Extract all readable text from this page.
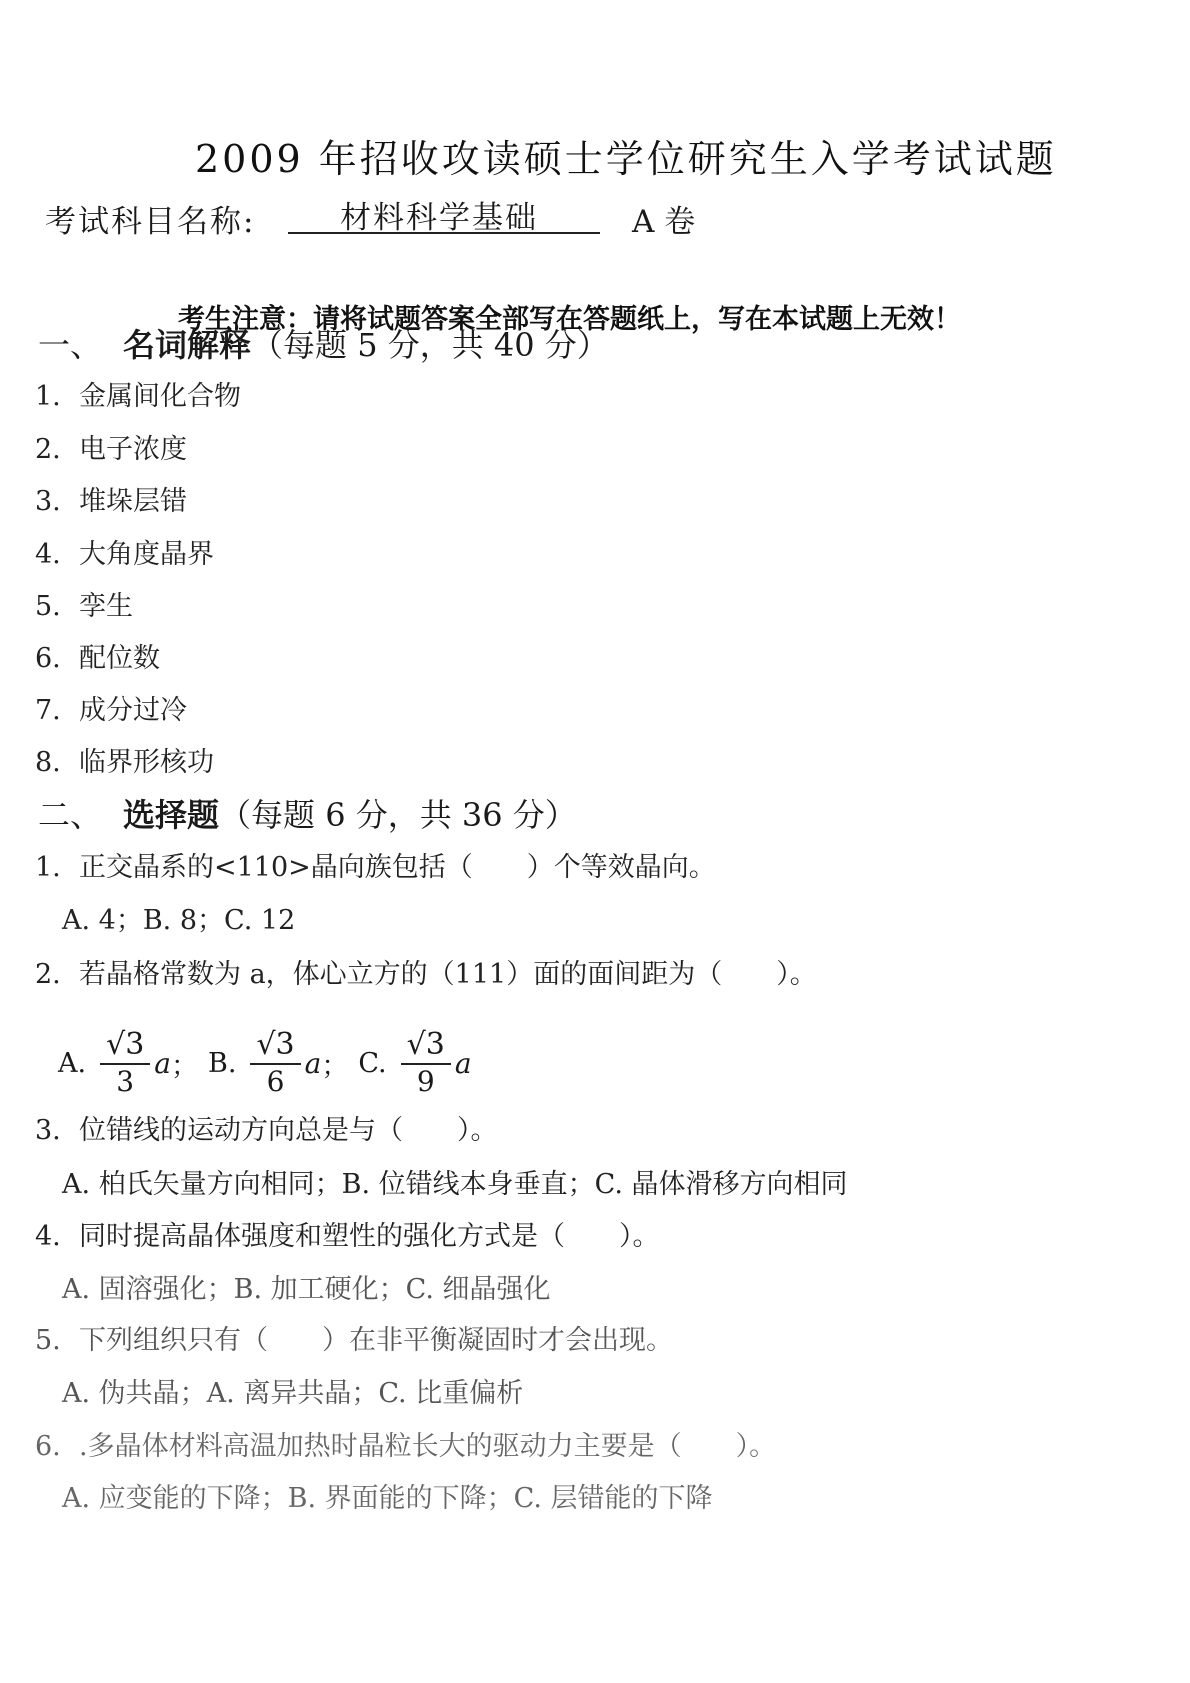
2009 年招收攻读硕士学位研究生入学考试试题
考试科目名称:	材料科学基础	A 卷
考生注意：请将试题答案全部写在答题纸上，写在本试题上无效！
一、 名词解释（每题 5 分，共 40 分）
1. 金属间化合物
2. 电子浓度
3. 堆垛层错
4. 大角度晶界
5. 孪生
6. 配位数
7. 成分过冷
8. 临界形核功
二、 选择题（每题 6 分，共 36 分）
1. 正交晶系的<110>晶向族包括（　　）个等效晶向。
A. 4；B. 8；C. 12
2. 若晶格常数为 a，体心立方的（111）面的面间距为（　　）。
A. $\frac{√3}{3}$ a ； B. $\frac{√3}{6}$ a ； C. $\frac{√3}{9}$ a
3. 位错线的运动方向总是与（　　）。
A. 柏氏矢量方向相同；B. 位错线本身垂直；C. 晶体滑移方向相同
4. 同时提高晶体强度和塑性的强化方式是（　　）。
A. 固溶强化；B. 加工硬化；C. 细晶强化
5. 下列组织只有（　　）在非平衡凝固时才会出现。
A. 伪共晶；A. 离异共晶；C. 比重偏析
6. .多晶体材料高温加热时晶粒长大的驱动力主要是（　　）。
A. 应变能的下降；B. 界面能的下降；C. 层错能的下降
